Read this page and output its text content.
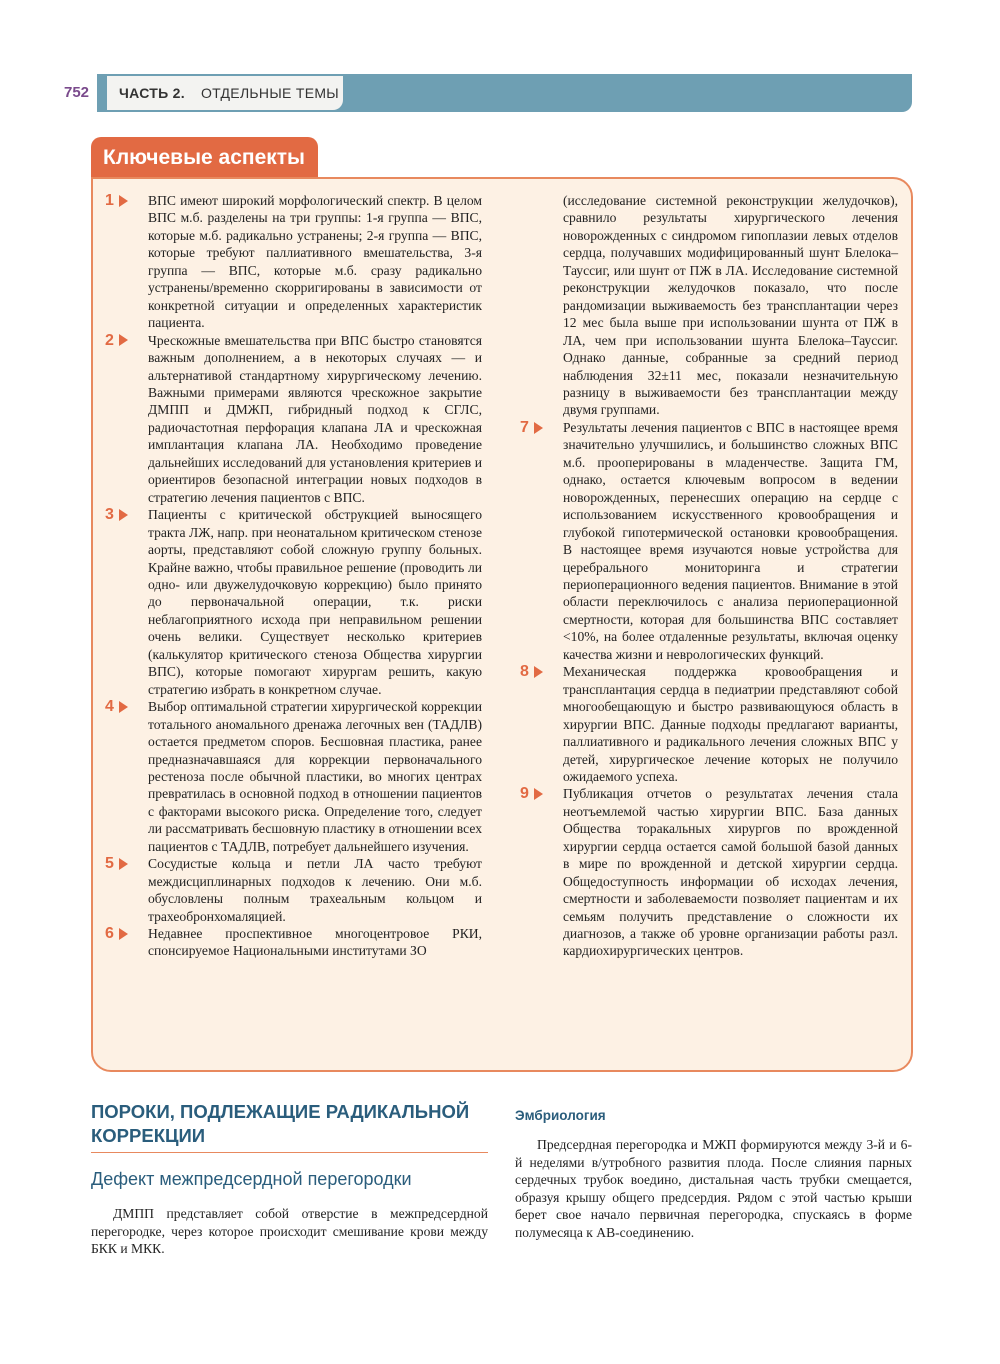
752 ЧАСТЬ 2. ОТДЕЛЬНЫЕ ТЕМЫ
Ключевые аспекты
1	ВПС имеют широкий морфологический спектр. В целом ВПС м.б. разделены на три группы: 1-я группа — ВПС, которые м.б. радикально устранены; 2-я группа — ВПС, которые требуют паллиативного вмешательства, 3-я группа — ВПС, которые м.б. сразу радикально устранены/временно скорригированы в зависимости от конкретной ситуации и определенных характеристик пациента.
2	Чрескожные вмешательства при ВПС быстро становятся важным дополнением, а в некоторых случаях — и альтернативой стандартному хирургическому лечению. Важными примерами являются чрескожное закрытие ДМПП и ДМЖП, гибридный подход к СГЛС, радиочастотная перфорация клапана ЛА и чрескожная имплантация клапана ЛА. Необходимо проведение дальнейших исследований для установления критериев и ориентиров безопасной интеграции новых подходов в стратегию лечения пациентов с ВПС.
3	Пациенты с критической обструкцией выносящего тракта ЛЖ, напр. при неонатальном критическом стенозе аорты, представляют собой сложную группу больных. Крайне важно, чтобы правильное решение (проводить ли одно- или двужелудочковую коррекцию) было принято до первоначальной операции, т.к. риски неблагоприятного исхода при неправильном решении очень велики. Существует несколько критериев (калькулятор критического стеноза Общества хирургии ВПС), которые помогают хирургам решить, какую стратегию избрать в конкретном случае.
4	Выбор оптимальной стратегии хирургической коррекции тотального аномального дренажа легочных вен (ТАДЛВ) остается предметом споров. Бесшовная пластика, ранее предназначавшаяся для коррекции первоначального рестеноза после обычной пластики, во многих центрах превратилась в основной подход в отношении пациентов с факторами высокого риска. Определение того, следует ли рассматривать бесшовную пластику в отношении всех пациентов с ТАДЛВ, потребует дальнейшего изучения.
5	Сосудистые кольца и петли ЛА часто требуют междисциплинарных подходов к лечению. Они м.б. обусловлены полным трахеальным кольцом и трахеобронхомаляцией.
6	Недавнее проспективное многоцентровое РКИ, спонсируемое Национальными институтами ЗО
(исследование системной реконструкции желудочков), сравнило результаты хирургического лечения новорожденных с синдромом гипоплазии левых отделов сердца, получавших модифицированный шунт Блелока–Тауссиг, или шунт от ПЖ в ЛА. Исследование системной реконструкции желудочков показало, что после рандомизации выживаемость без трансплантации через 12 мес была выше при использовании шунта от ПЖ в ЛА, чем при использовании шунта Блелока–Тауссиг. Однако данные, собранные за средний период наблюдения 32±11 мес, показали незначительную разницу в выживаемости без трансплантации между двумя группами.
7	Результаты лечения пациентов с ВПС в настоящее время значительно улучшились, и большинство сложных ВПС м.б. прооперированы в младенчестве. Защита ГМ, однако, остается ключевым вопросом в ведении новорожденных, перенесших операцию на сердце с использованием искусственного кровообращения и глубокой гипотермической остановки кровообращения. В настоящее время изучаются новые устройства для церебрального мониторинга и стратегии периоперационного ведения пациентов. Внимание в этой области переключилось с анализа периоперационной смертности, которая для большинства ВПС составляет <10%, на более отдаленные результаты, включая оценку качества жизни и неврологических функций.
8	Механическая поддержка кровообращения и трансплантация сердца в педиатрии представляют собой многообещающую и быстро развивающуюся область в хирургии ВПС. Данные подходы предлагают варианты, паллиативного и радикального лечения сложных ВПС у детей, хирургическое лечение которых не получило ожидаемого успеха.
9	Публикация отчетов о результатах лечения стала неотъемлемой частью хирургии ВПС. База данных Общества торакальных хирургов по врожденной хирургии сердца остается самой большой базой данных в мире по врожденной и детской хирургии сердца. Общедоступность информации об исходах лечения, смертности и заболеваемости позволяет пациентам и их семьям получить представление о сложности их диагнозов, а также об уровне организации работы разл. кардиохирургических центров.
ПОРОКИ, ПОДЛЕЖАЩИЕ РАДИКАЛЬНОЙ КОРРЕКЦИИ
Дефект межпредсердной перегородки
ДМПП представляет собой отверстие в межпредсердной перегородке, через которое происходит смешивание крови между БКК и МКК.
Эмбриология
Предсердная перегородка и МЖП формируются между 3-й и 6-й неделями в/утробного развития плода. После слияния парных сердечных трубок воедино, дистальная часть трубки смещается, образуя крышу общего предсердия. Рядом с этой частью крыши берет свое начало первичная перегородка, спускаясь в форме полумесяца к АВ-соединению.
